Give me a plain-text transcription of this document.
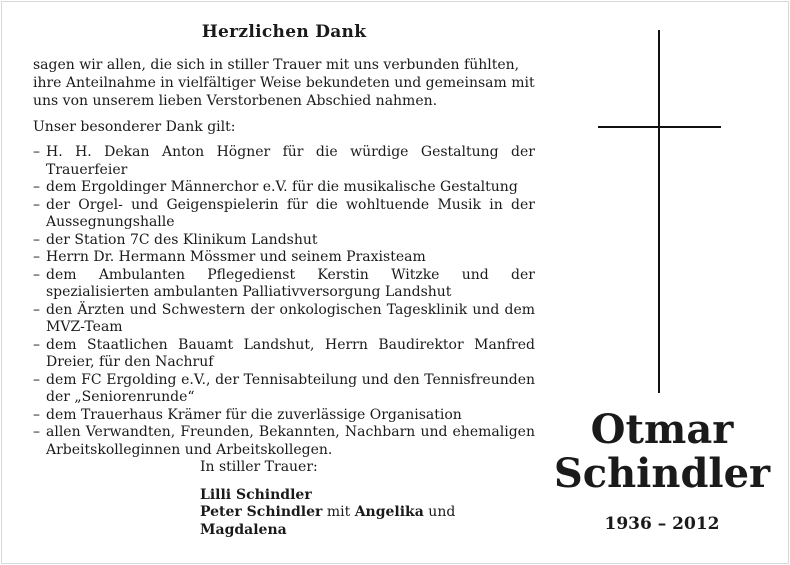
Herzlichen Dank

sagen wir allen, die sich in stiller Trauer mit uns verbunden fühlten, ihre Anteilnahme in vielfältiger Weise bekundeten und gemeinsam mit uns von unserem lieben Verstorbenen Abschied nahmen.

Unser besonderer Dank gilt:

– H. H. Dekan Anton Högner für die würdige Gestaltung der Trauerfeier
– dem Ergoldinger Männerchor e.V. für die musikalische Gestaltung
– der Orgel- und Geigenspielerin für die wohltuende Musik in der Aussegnungshalle
– der Station 7C des Klinikum Landshut
– Herrn Dr. Hermann Mössmer und seinem Praxisteam
– dem Ambulanten Pflegedienst Kerstin Witzke und der spezialisierten ambulanten Palliativversorgung Landshut
– den Ärzten und Schwestern der onkologischen Tagesklinik und dem MVZ-Team
– dem Staatlichen Bauamt Landshut, Herrn Baudirektor Manfred Dreier, für den Nachruf
– dem FC Ergolding e.V., der Tennisabteilung und den Tennisfreunden der „Seniorenrunde“
– dem Trauerhaus Krämer für die zuverlässige Organisation
– allen Verwandten, Freunden, Bekannten, Nachbarn und ehemaligen Arbeitskolleginnen und Arbeitskollegen.

In stiller Trauer:

Lilli Schindler

Peter Schindler mit Angelika und Magdalena

Otmar
Schindler
1936 – 2012
